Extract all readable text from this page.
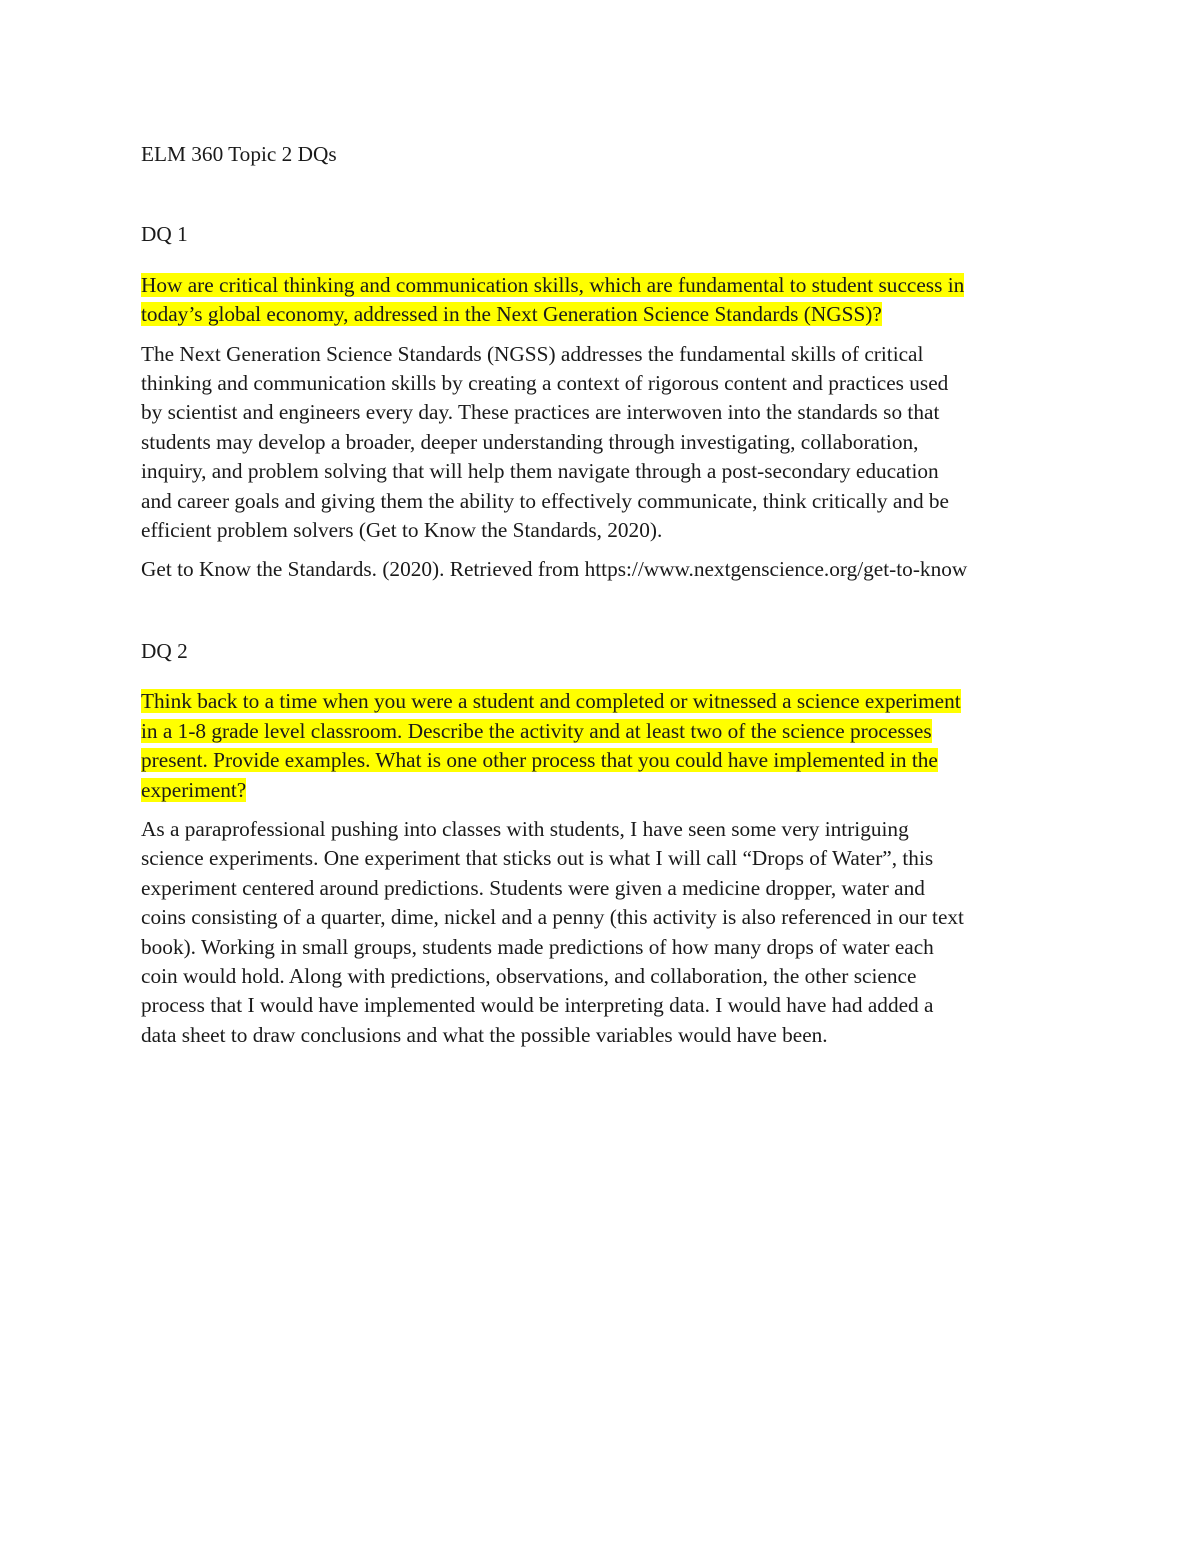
ELM 360 Topic 2 DQs

DQ 1

How are critical thinking and communication skills, which are fundamental to student success in
today’s global economy, addressed in the Next Generation Science Standards (NGSS)?

The Next Generation Science Standards (NGSS) addresses the fundamental skills of critical
thinking and communication skills by creating a context of rigorous content and practices used
by scientist and engineers every day. These practices are interwoven into the standards so that
students may develop a broader, deeper understanding through investigating, collaboration,
inquiry, and problem solving that will help them navigate through a post-secondary education
and career goals and giving them the ability to effectively communicate, think critically and be
efficient problem solvers (Get to Know the Standards, 2020).

Get to Know the Standards. (2020). Retrieved from https://www.nextgenscience.org/get-to-know

DQ 2

Think back to a time when you were a student and completed or witnessed a science experiment
in a 1-8 grade level classroom. Describe the activity and at least two of the science processes
present. Provide examples. What is one other process that you could have implemented in the
experiment?

As a paraprofessional pushing into classes with students, I have seen some very intriguing
science experiments. One experiment that sticks out is what I will call “Drops of Water”, this
experiment centered around predictions. Students were given a medicine dropper, water and
coins consisting of a quarter, dime, nickel and a penny (this activity is also referenced in our text
book). Working in small groups, students made predictions of how many drops of water each
coin would hold. Along with predictions, observations, and collaboration, the other science
process that I would have implemented would be interpreting data. I would have had added a
data sheet to draw conclusions and what the possible variables would have been.
